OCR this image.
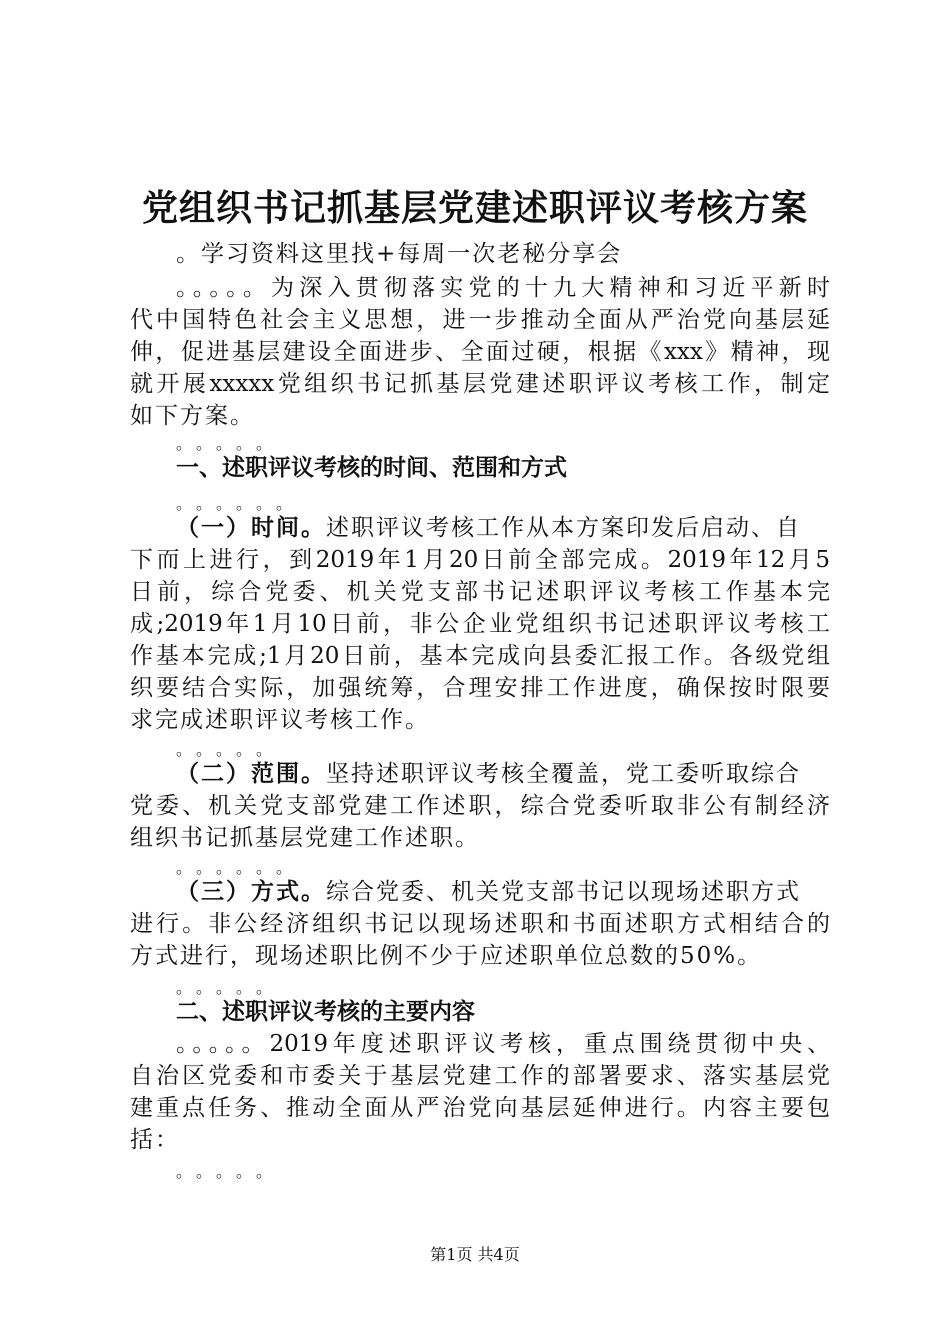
党组织书记抓基层党建述职评议考核方案
。学习资料这里找+每周一次老秘分享会
。。。。。为深入贯彻落实党的十九大精神和习近平新时
代中国特色社会主义思想，进一步推动全面从严治党向基层延
伸，促进基层建设全面进步、全面过硬，根据《xxx》精神，现
就开展xxxxx党组织书记抓基层党建述职评议考核工作，制定
如下方案。
。。。。。
一、述职评议考核的时间、范围和方式
。。。。。。
（一）时间。述职评议考核工作从本方案印发后启动、自
下而上进行，到2019年1月20日前全部完成。2019年12月5
日前，综合党委、机关党支部书记述职评议考核工作基本完
成;2019年1月10日前，非公企业党组织书记述职评议考核工
作基本完成;1月20日前，基本完成向县委汇报工作。各级党组
织要结合实际，加强统筹，合理安排工作进度，确保按时限要
求完成述职评议考核工作。
。。。。。
（二）范围。坚持述职评议考核全覆盖，党工委听取综合
党委、机关党支部党建工作述职，综合党委听取非公有制经济
组织书记抓基层党建工作述职。
。。。。。。
（三）方式。综合党委、机关党支部书记以现场述职方式
进行。非公经济组织书记以现场述职和书面述职方式相结合的
方式进行，现场述职比例不少于应述职单位总数的50%。
。。。。。
二、述职评议考核的主要内容
。。。。。2019年度述职评议考核，重点围绕贯彻中央、
自治区党委和市委关于基层党建工作的部署要求、落实基层党
建重点任务、推动全面从严治党向基层延伸进行。内容主要包
括：
。。。。。
第1页 共4页
